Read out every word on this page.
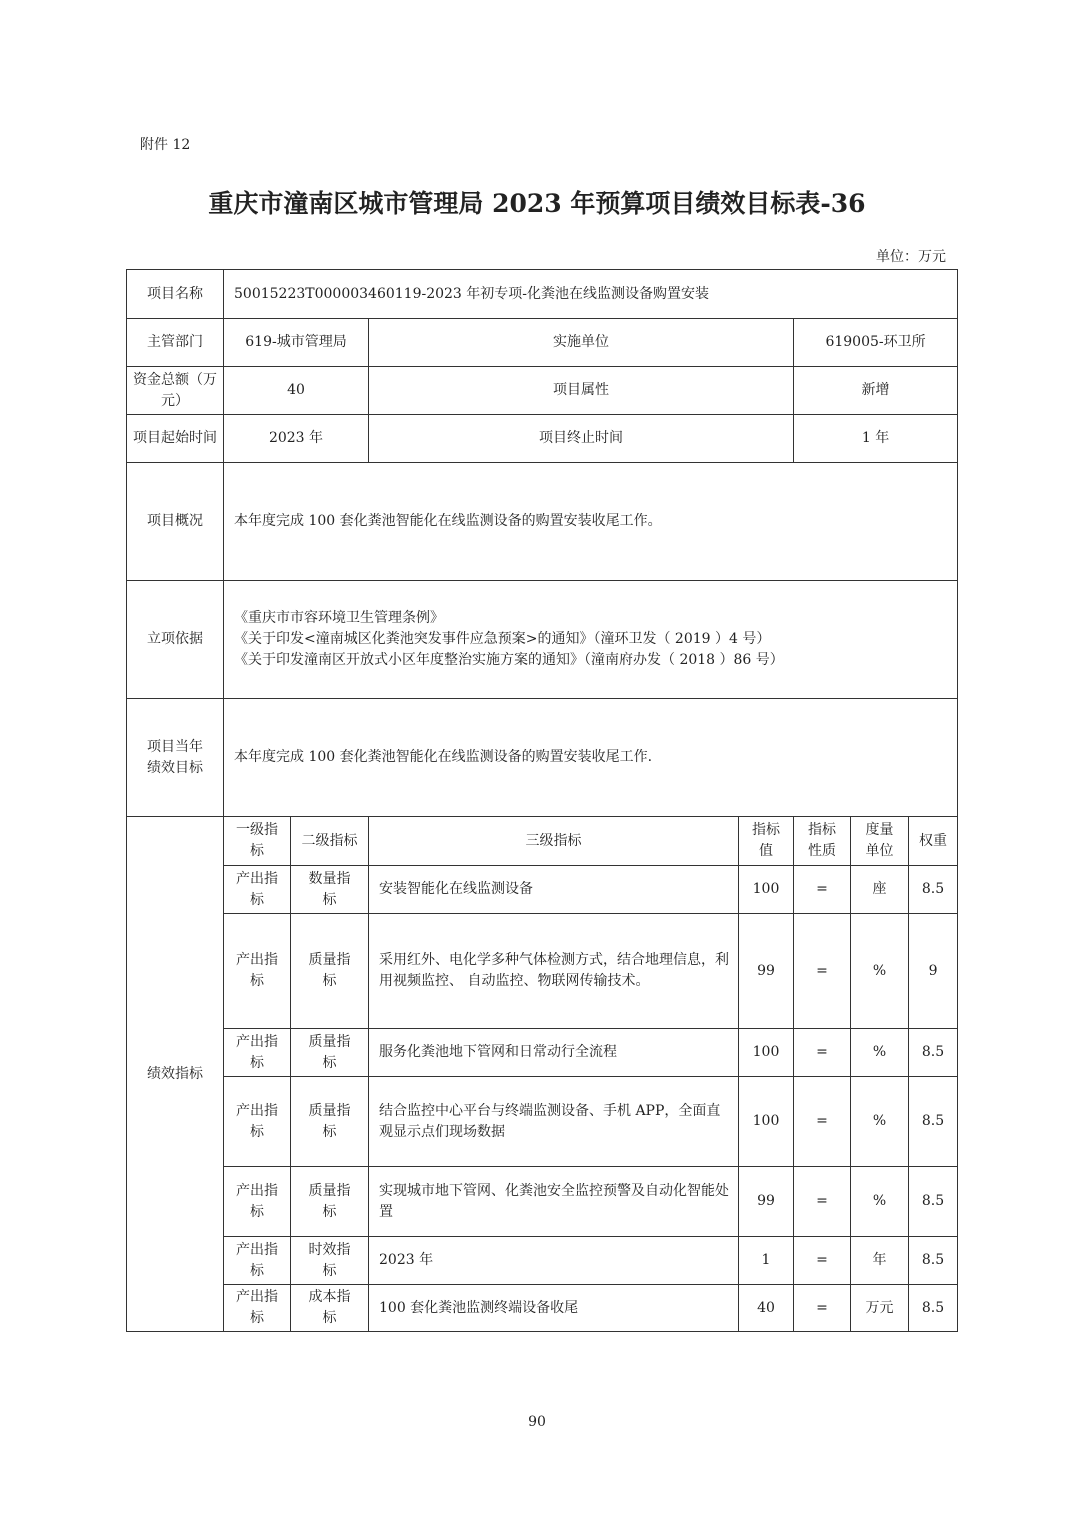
附件 12
重庆市潼南区城市管理局 2023 年预算项目绩效目标表-36
单位：万元
项目名称	50015223T000003460119-2023 年初专项-化粪池在线监测设备购置安装						
主管部门	619-城市管理局		实施单位		619005-环卫所		
资金总额（万元）	40		项目属性		新增		
项目起始时间	2023 年		项目终止时间		1 年		
项目概况	本年度完成 100 套化粪池智能化在线监测设备的购置安装收尾工作。						
立项依据	《重庆市市容环境卫生管理条例》
《关于印发<潼南城区化粪池突发事件应急预案>的通知》（潼环卫发（ 2019 ）4 号）
《关于印发潼南区开放式小区年度整治实施方案的通知》（潼南府办发（ 2018 ）86 号）						

项目当年绩效目标	本年度完成 100 套化粪池智能化在线监测设备的购置安装收尾工作.						
绩效指标	一级指标	二级指标	三级指标	指标值	指标性质	度量单位	权重
	产出指标	数量指标	安装智能化在线监测设备	100	=	座	8.5
	产出指标	质量指标	采用红外、电化学多种气体检测方式，结合地理信息，利用视频监控、 自动监控、物联网传输技术。	99	=	%	9
	产出指标	质量指标	服务化粪池地下管网和日常动行全流程	100	=	%	8.5
	产出指标	质量指标	结合监控中心平台与终端监测设备、手机 APP，全面直观显示点们现场数据	100	=	%	8.5
	产出指标	质量指标	实现城市地下管网、化粪池安全监控预警及自动化智能处置	99	=	%	8.5
	产出指标	时效指标	2023 年	1	=	年	8.5
	产出指标	成本指标	100 套化粪池监测终端设备收尾	40	=	万元	8.5
90
